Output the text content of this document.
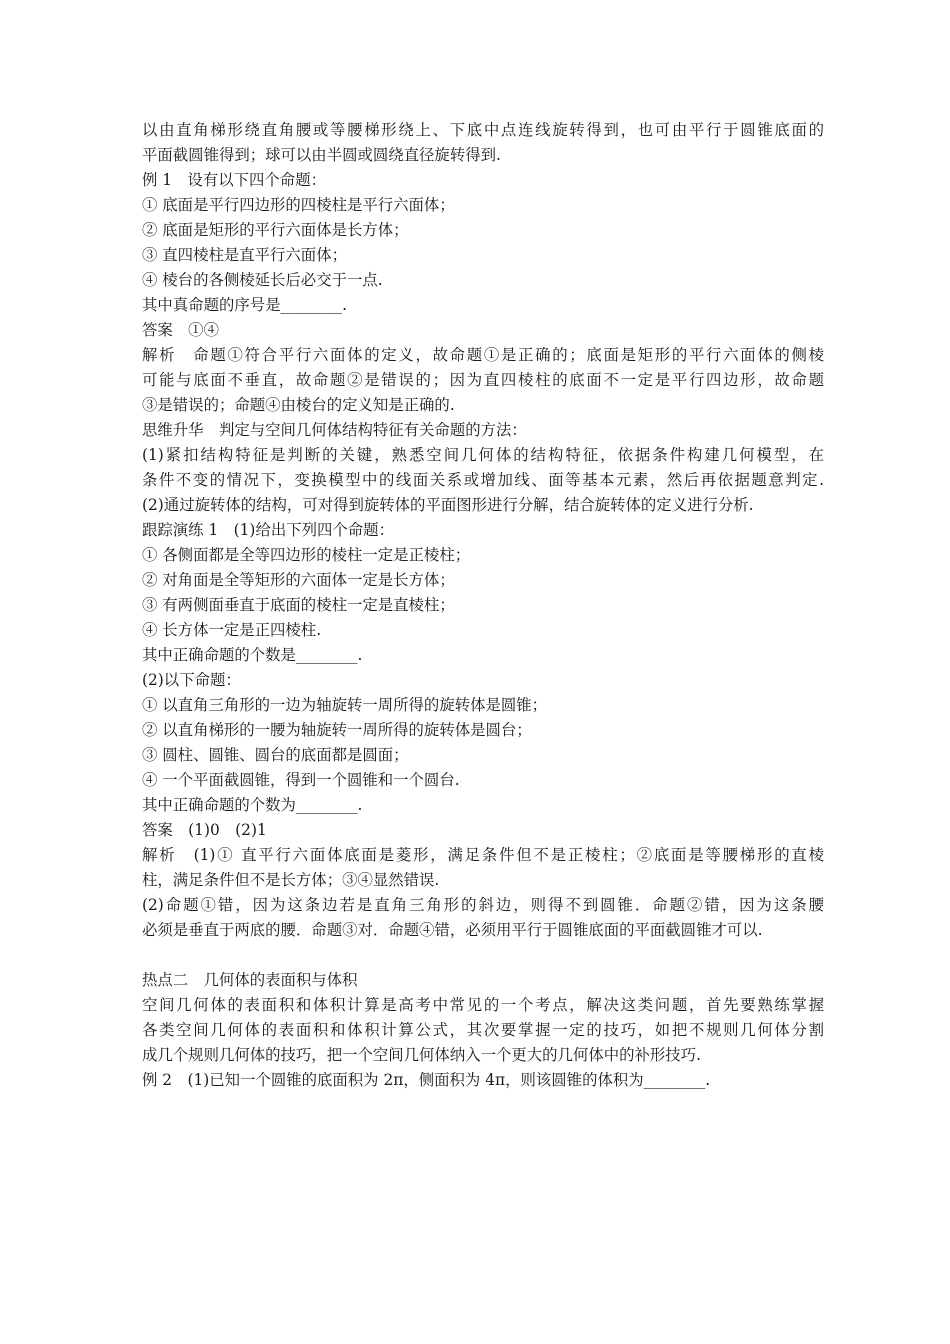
以由直角梯形绕直角腰或等腰梯形绕上、下底中点连线旋转得到，也可由平行于圆锥底面的
平面截圆锥得到；球可以由半圆或圆绕直径旋转得到.
例 1　设有以下四个命题：
① 底面是平行四边形的四棱柱是平行六面体；
② 底面是矩形的平行六面体是长方体；
③ 直四棱柱是直平行六面体；
④ 棱台的各侧棱延长后必交于一点.
其中真命题的序号是________.
答案　①④
解析　命题①符合平行六面体的定义，故命题①是正确的；底面是矩形的平行六面体的侧棱
可能与底面不垂直，故命题②是错误的；因为直四棱柱的底面不一定是平行四边形，故命题
③是错误的；命题④由棱台的定义知是正确的.
思维升华　判定与空间几何体结构特征有关命题的方法：
(1)紧扣结构特征是判断的关键，熟悉空间几何体的结构特征，依据条件构建几何模型，在
条件不变的情况下，变换模型中的线面关系或增加线、面等基本元素，然后再依据题意判定.
(2)通过旋转体的结构，可对得到旋转体的平面图形进行分解，结合旋转体的定义进行分析.
跟踪演练 1　(1)给出下列四个命题：
① 各侧面都是全等四边形的棱柱一定是正棱柱；
② 对角面是全等矩形的六面体一定是长方体；
③ 有两侧面垂直于底面的棱柱一定是直棱柱；
④ 长方体一定是正四棱柱.
其中正确命题的个数是________.
(2)以下命题：
① 以直角三角形的一边为轴旋转一周所得的旋转体是圆锥；
② 以直角梯形的一腰为轴旋转一周所得的旋转体是圆台；
③ 圆柱、圆锥、圆台的底面都是圆面；
④ 一个平面截圆锥，得到一个圆锥和一个圆台.
其中正确命题的个数为________.
答案　(1)0　(2)1
解析　(1)① 直平行六面体底面是菱形，满足条件但不是正棱柱；②底面是等腰梯形的直棱
柱，满足条件但不是长方体；③④显然错误.
(2)命题①错，因为这条边若是直角三角形的斜边，则得不到圆锥．命题②错，因为这条腰
必须是垂直于两底的腰．命题③对．命题④错，必须用平行于圆锥底面的平面截圆锥才可以.
热点二　几何体的表面积与体积
空间几何体的表面积和体积计算是高考中常见的一个考点，解决这类问题，首先要熟练掌握
各类空间几何体的表面积和体积计算公式，其次要掌握一定的技巧，如把不规则几何体分割
成几个规则几何体的技巧，把一个空间几何体纳入一个更大的几何体中的补形技巧.
例 2　(1)已知一个圆锥的底面积为 2π，侧面积为 4π，则该圆锥的体积为________.
